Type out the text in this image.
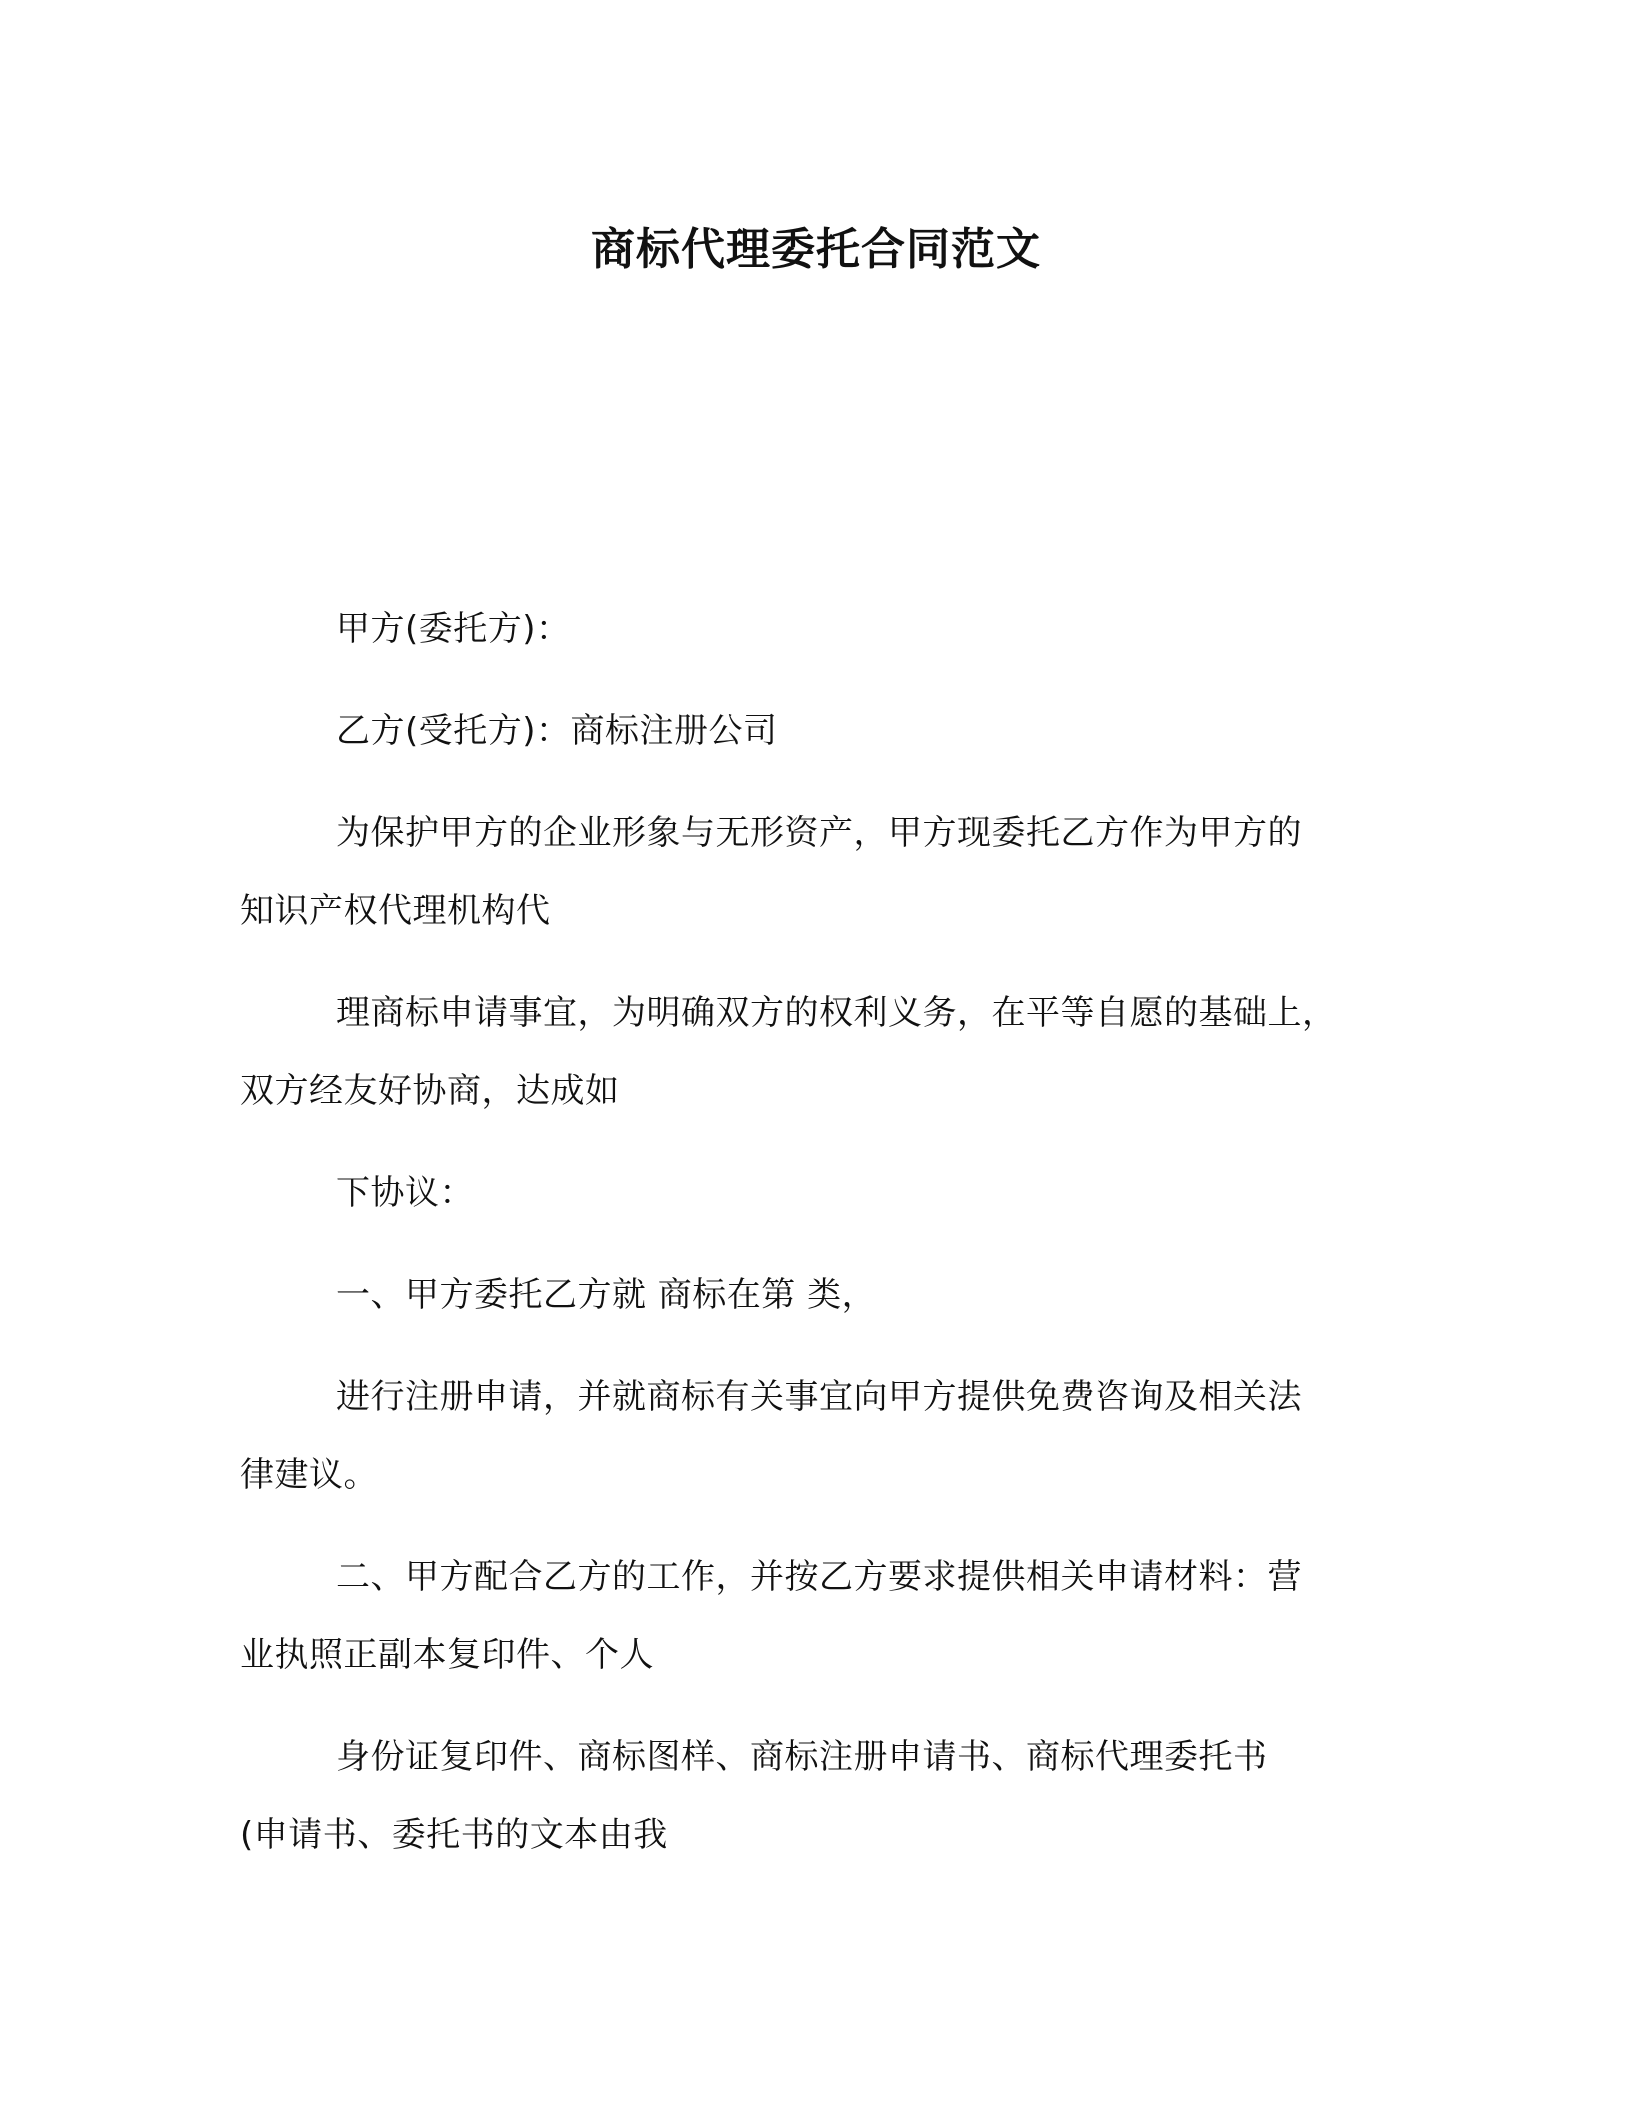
商标代理委托合同范文

甲方(委托方)：

乙方(受托方)：商标注册公司

为保护甲方的企业形象与无形资产，甲方现委托乙方作为甲方的
知识产权代理机构代

理商标申请事宜，为明确双方的权利义务，在平等自愿的基础上，
双方经友好协商，达成如

下协议：

一、甲方委托乙方就 商标在第 类，

进行注册申请，并就商标有关事宜向甲方提供免费咨询及相关法
律建议。

二、甲方配合乙方的工作，并按乙方要求提供相关申请材料：营
业执照正副本复印件、个人

身份证复印件、商标图样、商标注册申请书、商标代理委托书
(申请书、委托书的文本由我
